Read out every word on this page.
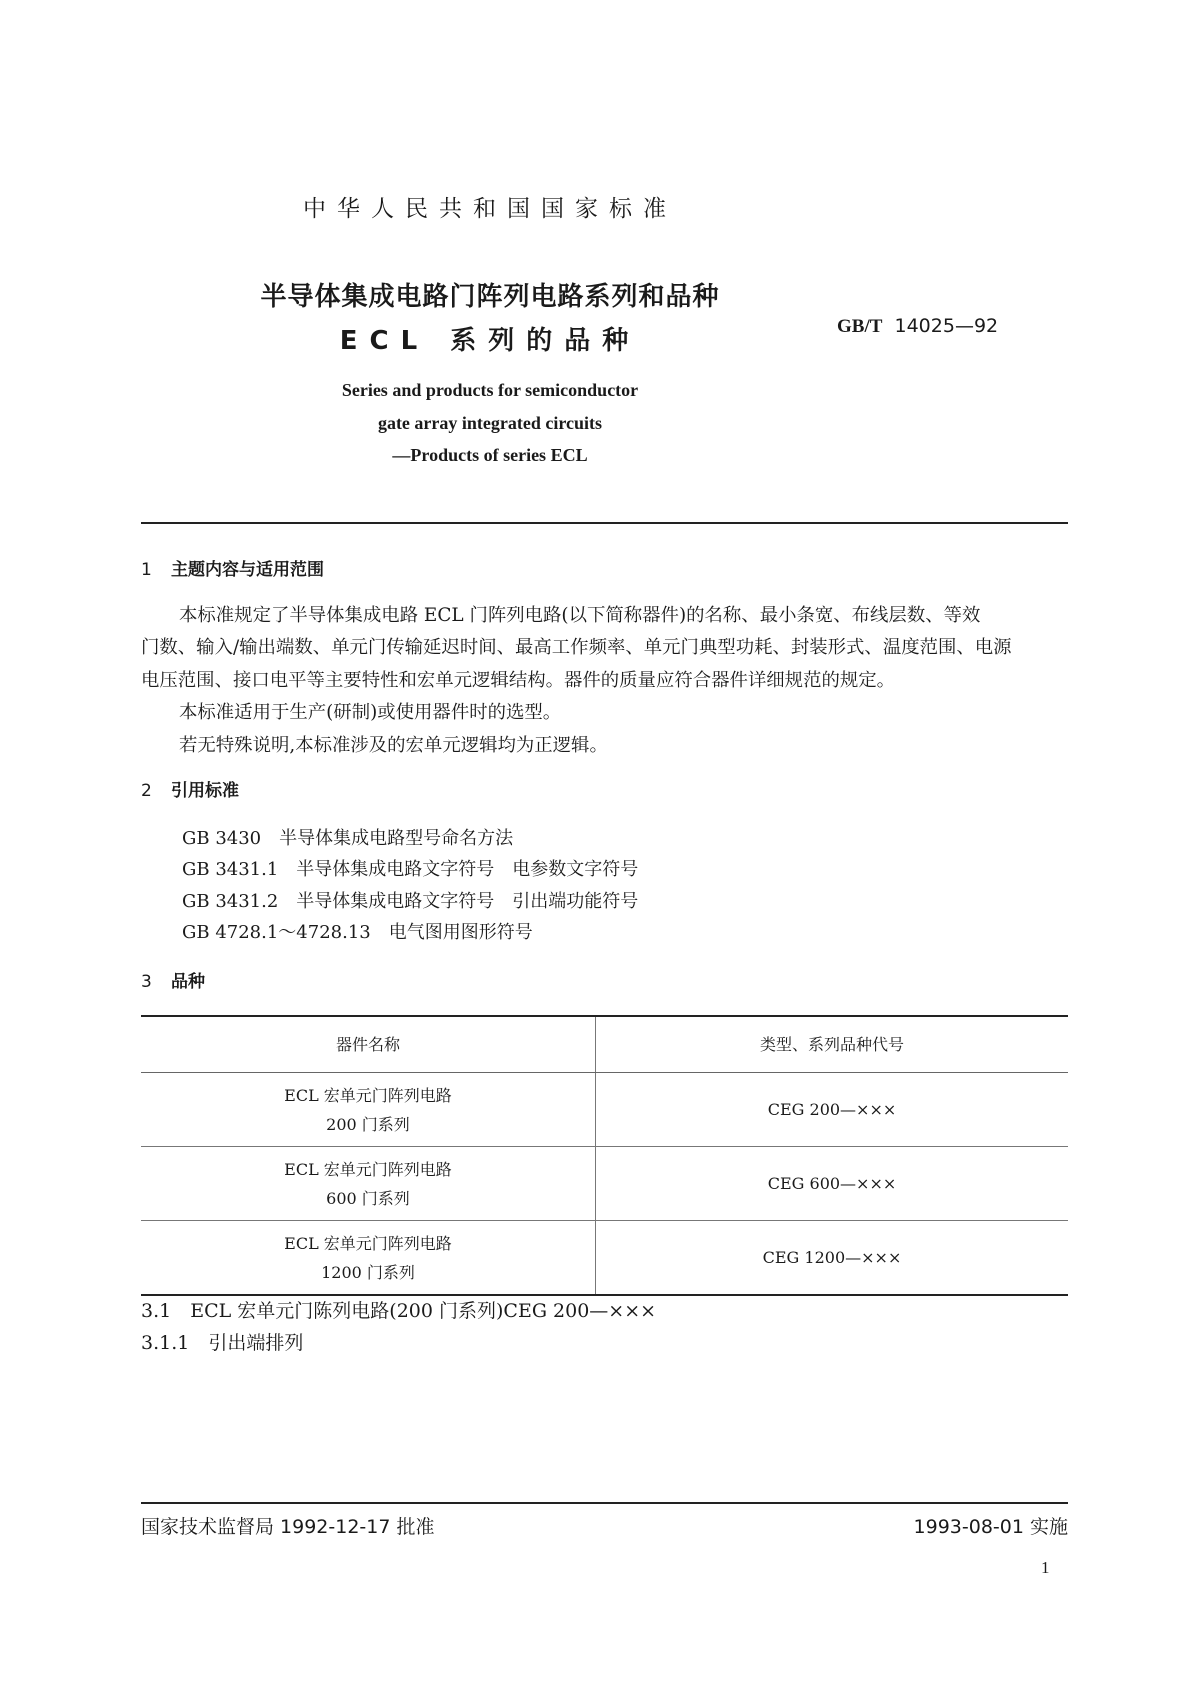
中华人民共和国国家标准
半导体集成电路门阵列电路系列和品种
ECL 系列的品种	GB/T 14025—92
Series and products for semiconductor
gate array integrated circuits
—Products of series ECL
1 主题内容与适用范围
本标准规定了半导体集成电路 ECL 门阵列电路(以下简称器件)的名称、最小条宽、布线层数、等效
门数、输入/输出端数、单元门传输延迟时间、最高工作频率、单元门典型功耗、封装形式、温度范围、电源
电压范围、接口电平等主要特性和宏单元逻辑结构。器件的质量应符合器件详细规范的规定。
本标准适用于生产(研制)或使用器件时的选型。
若无特殊说明,本标准涉及的宏单元逻辑均为正逻辑。
2 引用标准
GB 3430　半导体集成电路型号命名方法
GB 3431.1　半导体集成电路文字符号　电参数文字符号
GB 3431.2　半导体集成电路文字符号　引出端功能符号
GB 4728.1～4728.13　电气图用图形符号
3 品种
器件名称	类型、系列品种代号
ECL 宏单元门阵列电路
200 门系列	CEG 200—×××
ECL 宏单元门阵列电路
600 门系列	CEG 600—×××
ECL 宏单元门阵列电路
1200 门系列	CEG 1200—×××
3.1　ECL 宏单元门陈列电路(200 门系列)CEG 200—×××
3.1.1　引出端排列
国家技术监督局 1992-12-17 批准	1993-08-01 实施
1
